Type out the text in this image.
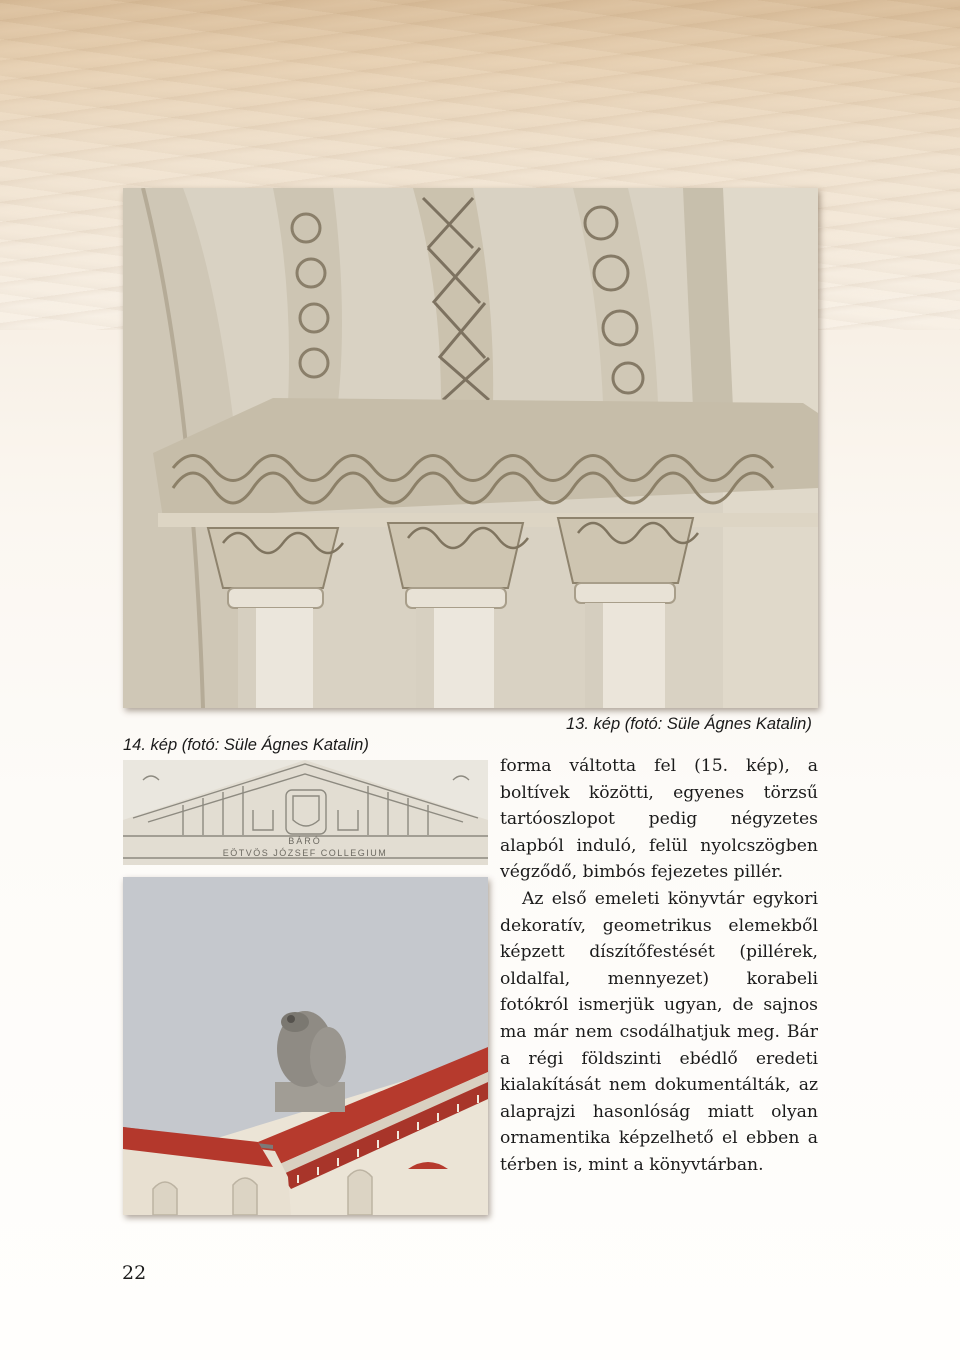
13. kép (fotó: Süle Ágnes Katalin)
14. kép (fotó: Süle Ágnes Katalin)
BÁRÓ
EÖTVÖS JÓZSEF COLLEGIUM

forma váltotta fel (15. kép), a boltívek közötti, egyenes törzsű tartóoszlopot pedig négyzetes alapból induló, felül nyolcszögben végződő, bimbós fejezetes pillér.

Az első emeleti könyvtár egykori dekoratív, geometrikus elemekből képzett díszítőfestését (pillérek, oldalfal, mennyezet) korabeli fotókról ismerjük ugyan, de sajnos ma már nem csodálhatjuk meg. Bár a régi földszinti ebédlő eredeti kialakítását nem dokumentálták, az alaprajzi hasonlóság miatt olyan ornamentika képzelhető el ebben a térben is, mint a könyvtárban.

22
